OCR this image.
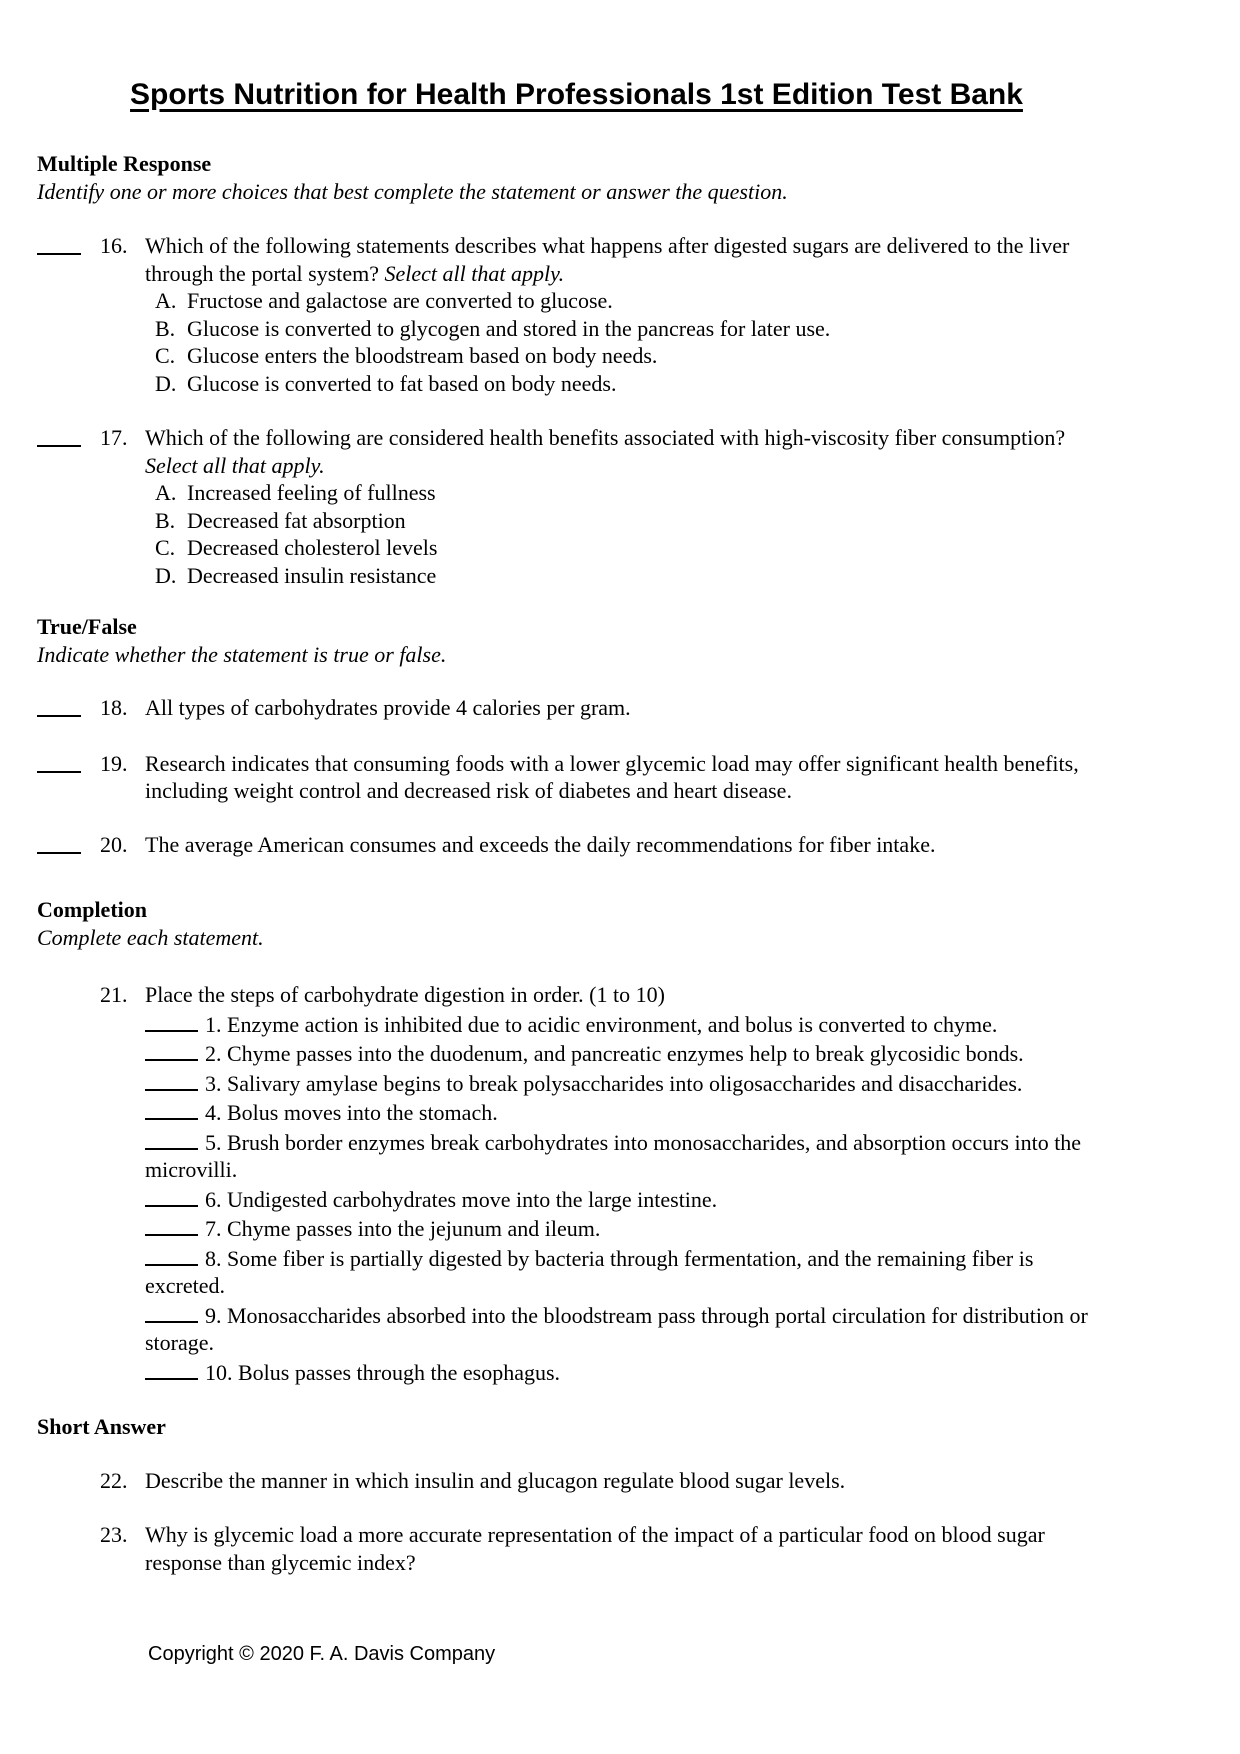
Sports Nutrition for Health Professionals 1st Edition Test Bank
Multiple Response
Identify one or more choices that best complete the statement or answer the question.
16. Which of the following statements describes what happens after digested sugars are delivered to the liver through the portal system? Select all that apply.
A. Fructose and galactose are converted to glucose.
B. Glucose is converted to glycogen and stored in the pancreas for later use.
C. Glucose enters the bloodstream based on body needs.
D. Glucose is converted to fat based on body needs.
17. Which of the following are considered health benefits associated with high-viscosity fiber consumption? Select all that apply.
A. Increased feeling of fullness
B. Decreased fat absorption
C. Decreased cholesterol levels
D. Decreased insulin resistance
True/False
Indicate whether the statement is true or false.
18. All types of carbohydrates provide 4 calories per gram.
19. Research indicates that consuming foods with a lower glycemic load may offer significant health benefits, including weight control and decreased risk of diabetes and heart disease.
20. The average American consumes and exceeds the daily recommendations for fiber intake.
Completion
Complete each statement.
21. Place the steps of carbohydrate digestion in order. (1 to 10)
1. Enzyme action is inhibited due to acidic environment, and bolus is converted to chyme.
2. Chyme passes into the duodenum, and pancreatic enzymes help to break glycosidic bonds.
3. Salivary amylase begins to break polysaccharides into oligosaccharides and disaccharides.
4. Bolus moves into the stomach.
5. Brush border enzymes break carbohydrates into monosaccharides, and absorption occurs into the microvilli.
6. Undigested carbohydrates move into the large intestine.
7. Chyme passes into the jejunum and ileum.
8. Some fiber is partially digested by bacteria through fermentation, and the remaining fiber is excreted.
9. Monosaccharides absorbed into the bloodstream pass through portal circulation for distribution or storage.
10. Bolus passes through the esophagus.
Short Answer
22. Describe the manner in which insulin and glucagon regulate blood sugar levels.
23. Why is glycemic load a more accurate representation of the impact of a particular food on blood sugar response than glycemic index?
Copyright © 2020 F. A. Davis Company
